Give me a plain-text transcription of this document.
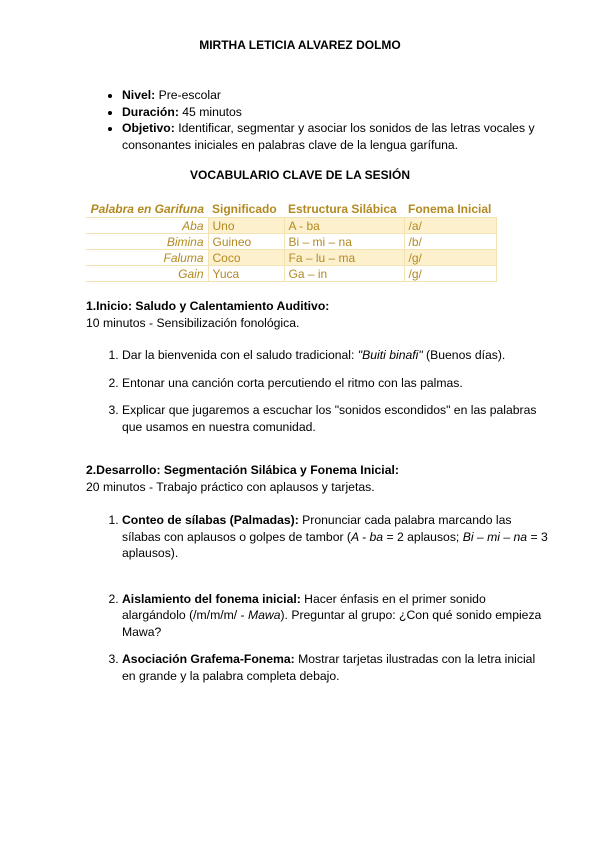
MIRTHA LETICIA ALVAREZ DOLMO
• Nivel: Pre-escolar
• Duración: 45 minutos
• Objetivo: Identificar, segmentar y asociar los sonidos de las letras vocales y consonantes iniciales en palabras clave de la lengua garífuna.
VOCABULARIO CLAVE DE LA SESIÓN
Palabra en Garifuna	Significado	Estructura Silábica	Fonema Inicial
Aba	Uno	A - ba	/a/
Bimina	Guineo	Bi – mi – na	/b/
Faluma	Coco	Fa – lu – ma	/g/
Gain	Yuca	Ga – in	/g/
1.Inicio: Saludo y Calentamiento Auditivo:
10 minutos - Sensibilización fonológica.
1. Dar la bienvenida con el saludo tradicional: "Buiti binafi" (Buenos días).
2. Entonar una canción corta percutiendo el ritmo con las palmas.
3. Explicar que jugaremos a escuchar los "sonidos escondidos" en las palabras que usamos en nuestra comunidad.
2.Desarrollo: Segmentación Silábica y Fonema Inicial:
20 minutos - Trabajo práctico con aplausos y tarjetas.
1. Conteo de sílabas (Palmadas): Pronunciar cada palabra marcando las sílabas con aplausos o golpes de tambor (A - ba = 2 aplausos; Bi – mi – na = 3 aplausos).
2. Aislamiento del fonema inicial: Hacer énfasis en el primer sonido alargándolo (/m/m/m/ - Mawa). Preguntar al grupo: ¿Con qué sonido empieza Mawa?
3. Asociación Grafema-Fonema: Mostrar tarjetas ilustradas con la letra inicial en grande y la palabra completa debajo.
